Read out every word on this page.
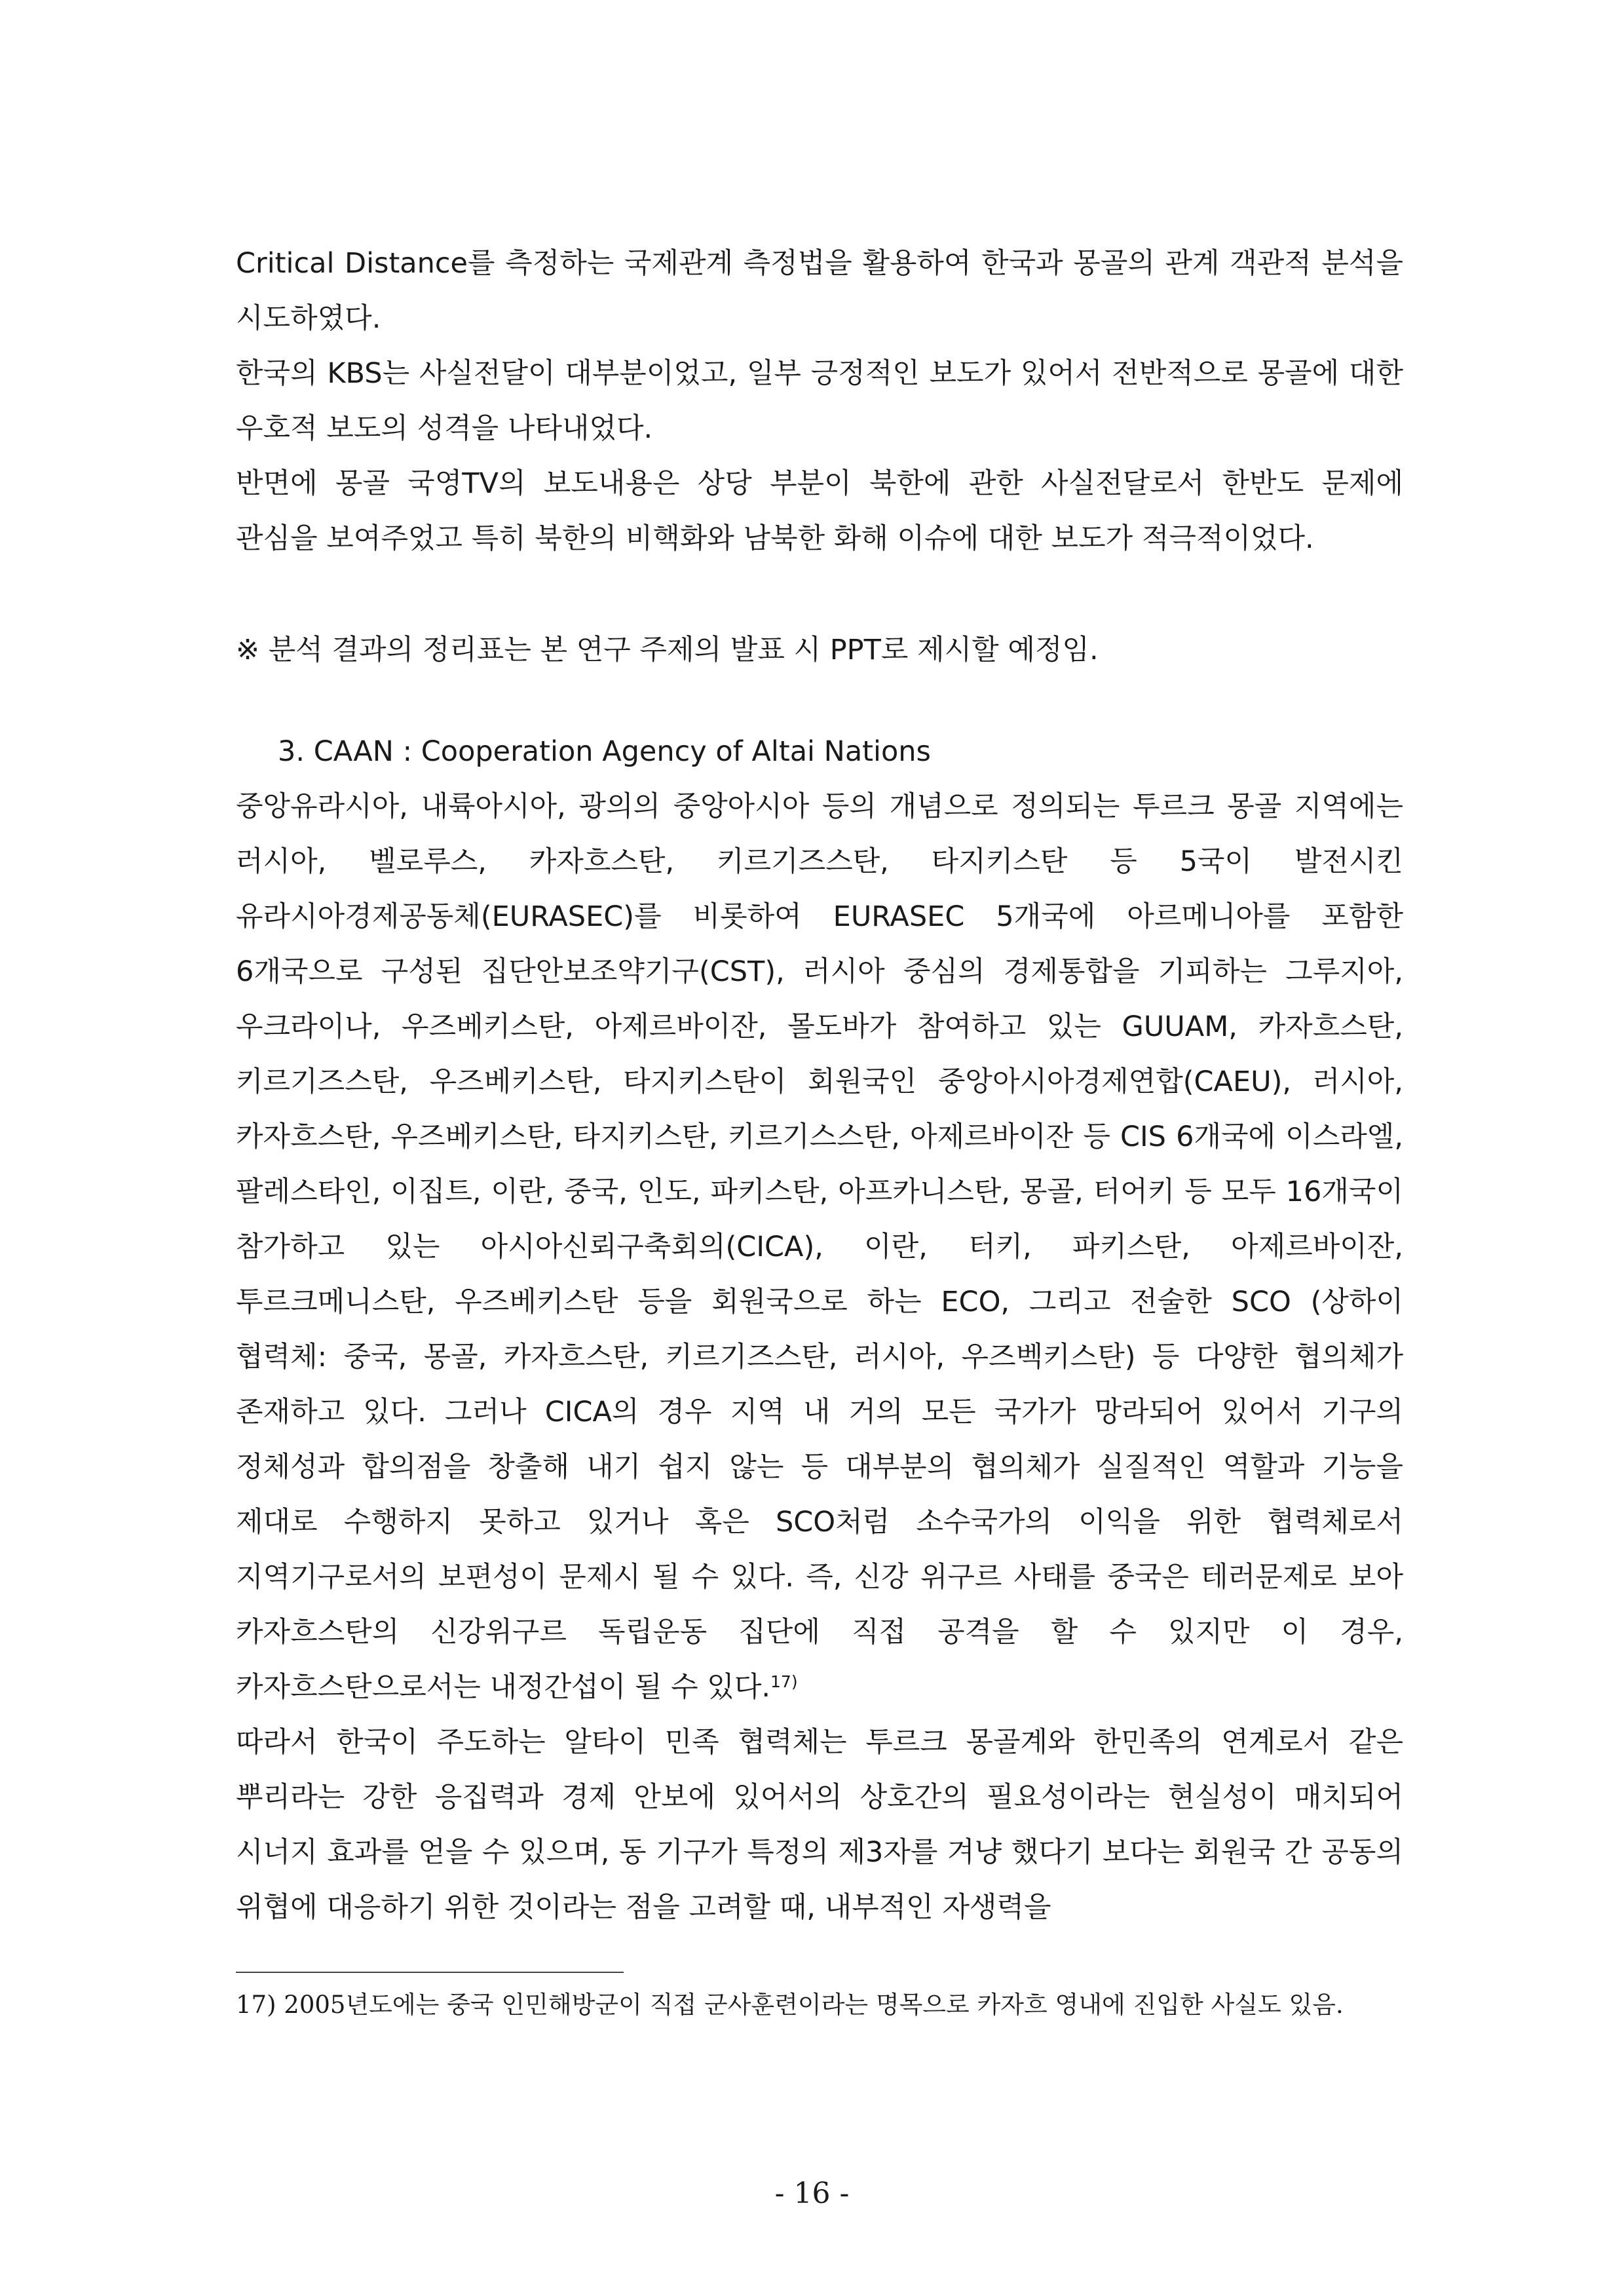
Critical Distance를 측정하는 국제관계 측정법을 활용하여 한국과 몽골의 관계 객관적 분석을 시도하였다.

한국의 KBS는 사실전달이 대부분이었고, 일부 긍정적인 보도가 있어서 전반적으로 몽골에 대한 우호적 보도의 성격을 나타내었다.

반면에 몽골 국영TV의 보도내용은 상당 부분이 북한에 관한 사실전달로서 한반도 문제에 관심을 보여주었고 특히 북한의 비핵화와 남북한 화해 이슈에 대한 보도가 적극적이었다.

※ 분석 결과의 정리표는 본 연구 주제의 발표 시 PPT로 제시할 예정임.

3. CAAN : Cooperation Agency of Altai Nations

중앙유라시아, 내륙아시아, 광의의 중앙아시아 등의 개념으로 정의되는 투르크 몽골 지역에는 러시아, 벨로루스, 카자흐스탄, 키르기즈스탄, 타지키스탄 등 5국이 발전시킨 유라시아경제공동체(EURASEC)를 비롯하여 EURASEC 5개국에 아르메니아를 포함한 6개국으로 구성된 집단안보조약기구(CST), 러시아 중심의 경제통합을 기피하는 그루지아, 우크라이나, 우즈베키스탄, 아제르바이잔, 몰도바가 참여하고 있는 GUUAM, 카자흐스탄, 키르기즈스탄, 우즈베키스탄, 타지키스탄이 회원국인 중앙아시아경제연합(CAEU), 러시아, 카자흐스탄, 우즈베키스탄, 타지키스탄, 키르기스스탄, 아제르바이잔 등 CIS 6개국에 이스라엘, 팔레스타인, 이집트, 이란, 중국, 인도, 파키스탄, 아프카니스탄, 몽골, 터어키 등 모두 16개국이 참가하고 있는 아시아신뢰구축회의(CICA), 이란, 터키, 파키스탄, 아제르바이잔, 투르크메니스탄, 우즈베키스탄 등을 회원국으로 하는 ECO, 그리고 전술한 SCO (상하이 협력체: 중국, 몽골, 카자흐스탄, 키르기즈스탄, 러시아, 우즈벡키스탄) 등 다양한 협의체가 존재하고 있다. 그러나 CICA의 경우 지역 내 거의 모든 국가가 망라되어 있어서 기구의 정체성과 합의점을 창출해 내기 쉽지 않는 등 대부분의 협의체가 실질적인 역할과 기능을 제대로 수행하지 못하고 있거나 혹은 SCO처럼 소수국가의 이익을 위한 협력체로서 지역기구로서의 보편성이 문제시 될 수 있다. 즉, 신강 위구르 사태를 중국은 테러문제로 보아 카자흐스탄의 신강위구르 독립운동 집단에 직접 공격을 할 수 있지만 이 경우, 카자흐스탄으로서는 내정간섭이 될 수 있다.$^{17)}$

따라서 한국이 주도하는 알타이 민족 협력체는 투르크 몽골계와 한민족의 연계로서 같은 뿌리라는 강한 응집력과 경제 안보에 있어서의 상호간의 필요성이라는 현실성이 매치되어 시너지 효과를 얻을 수 있으며, 동 기구가 특정의 제3자를 겨냥 했다기 보다는 회원국 간 공동의 위협에 대응하기 위한 것이라는 점을 고려할 때, 내부적인 자생력을

17) 2005년도에는 중국 인민해방군이 직접 군사훈련이라는 명목으로 카자흐 영내에 진입한 사실도 있음.
- 16 -
